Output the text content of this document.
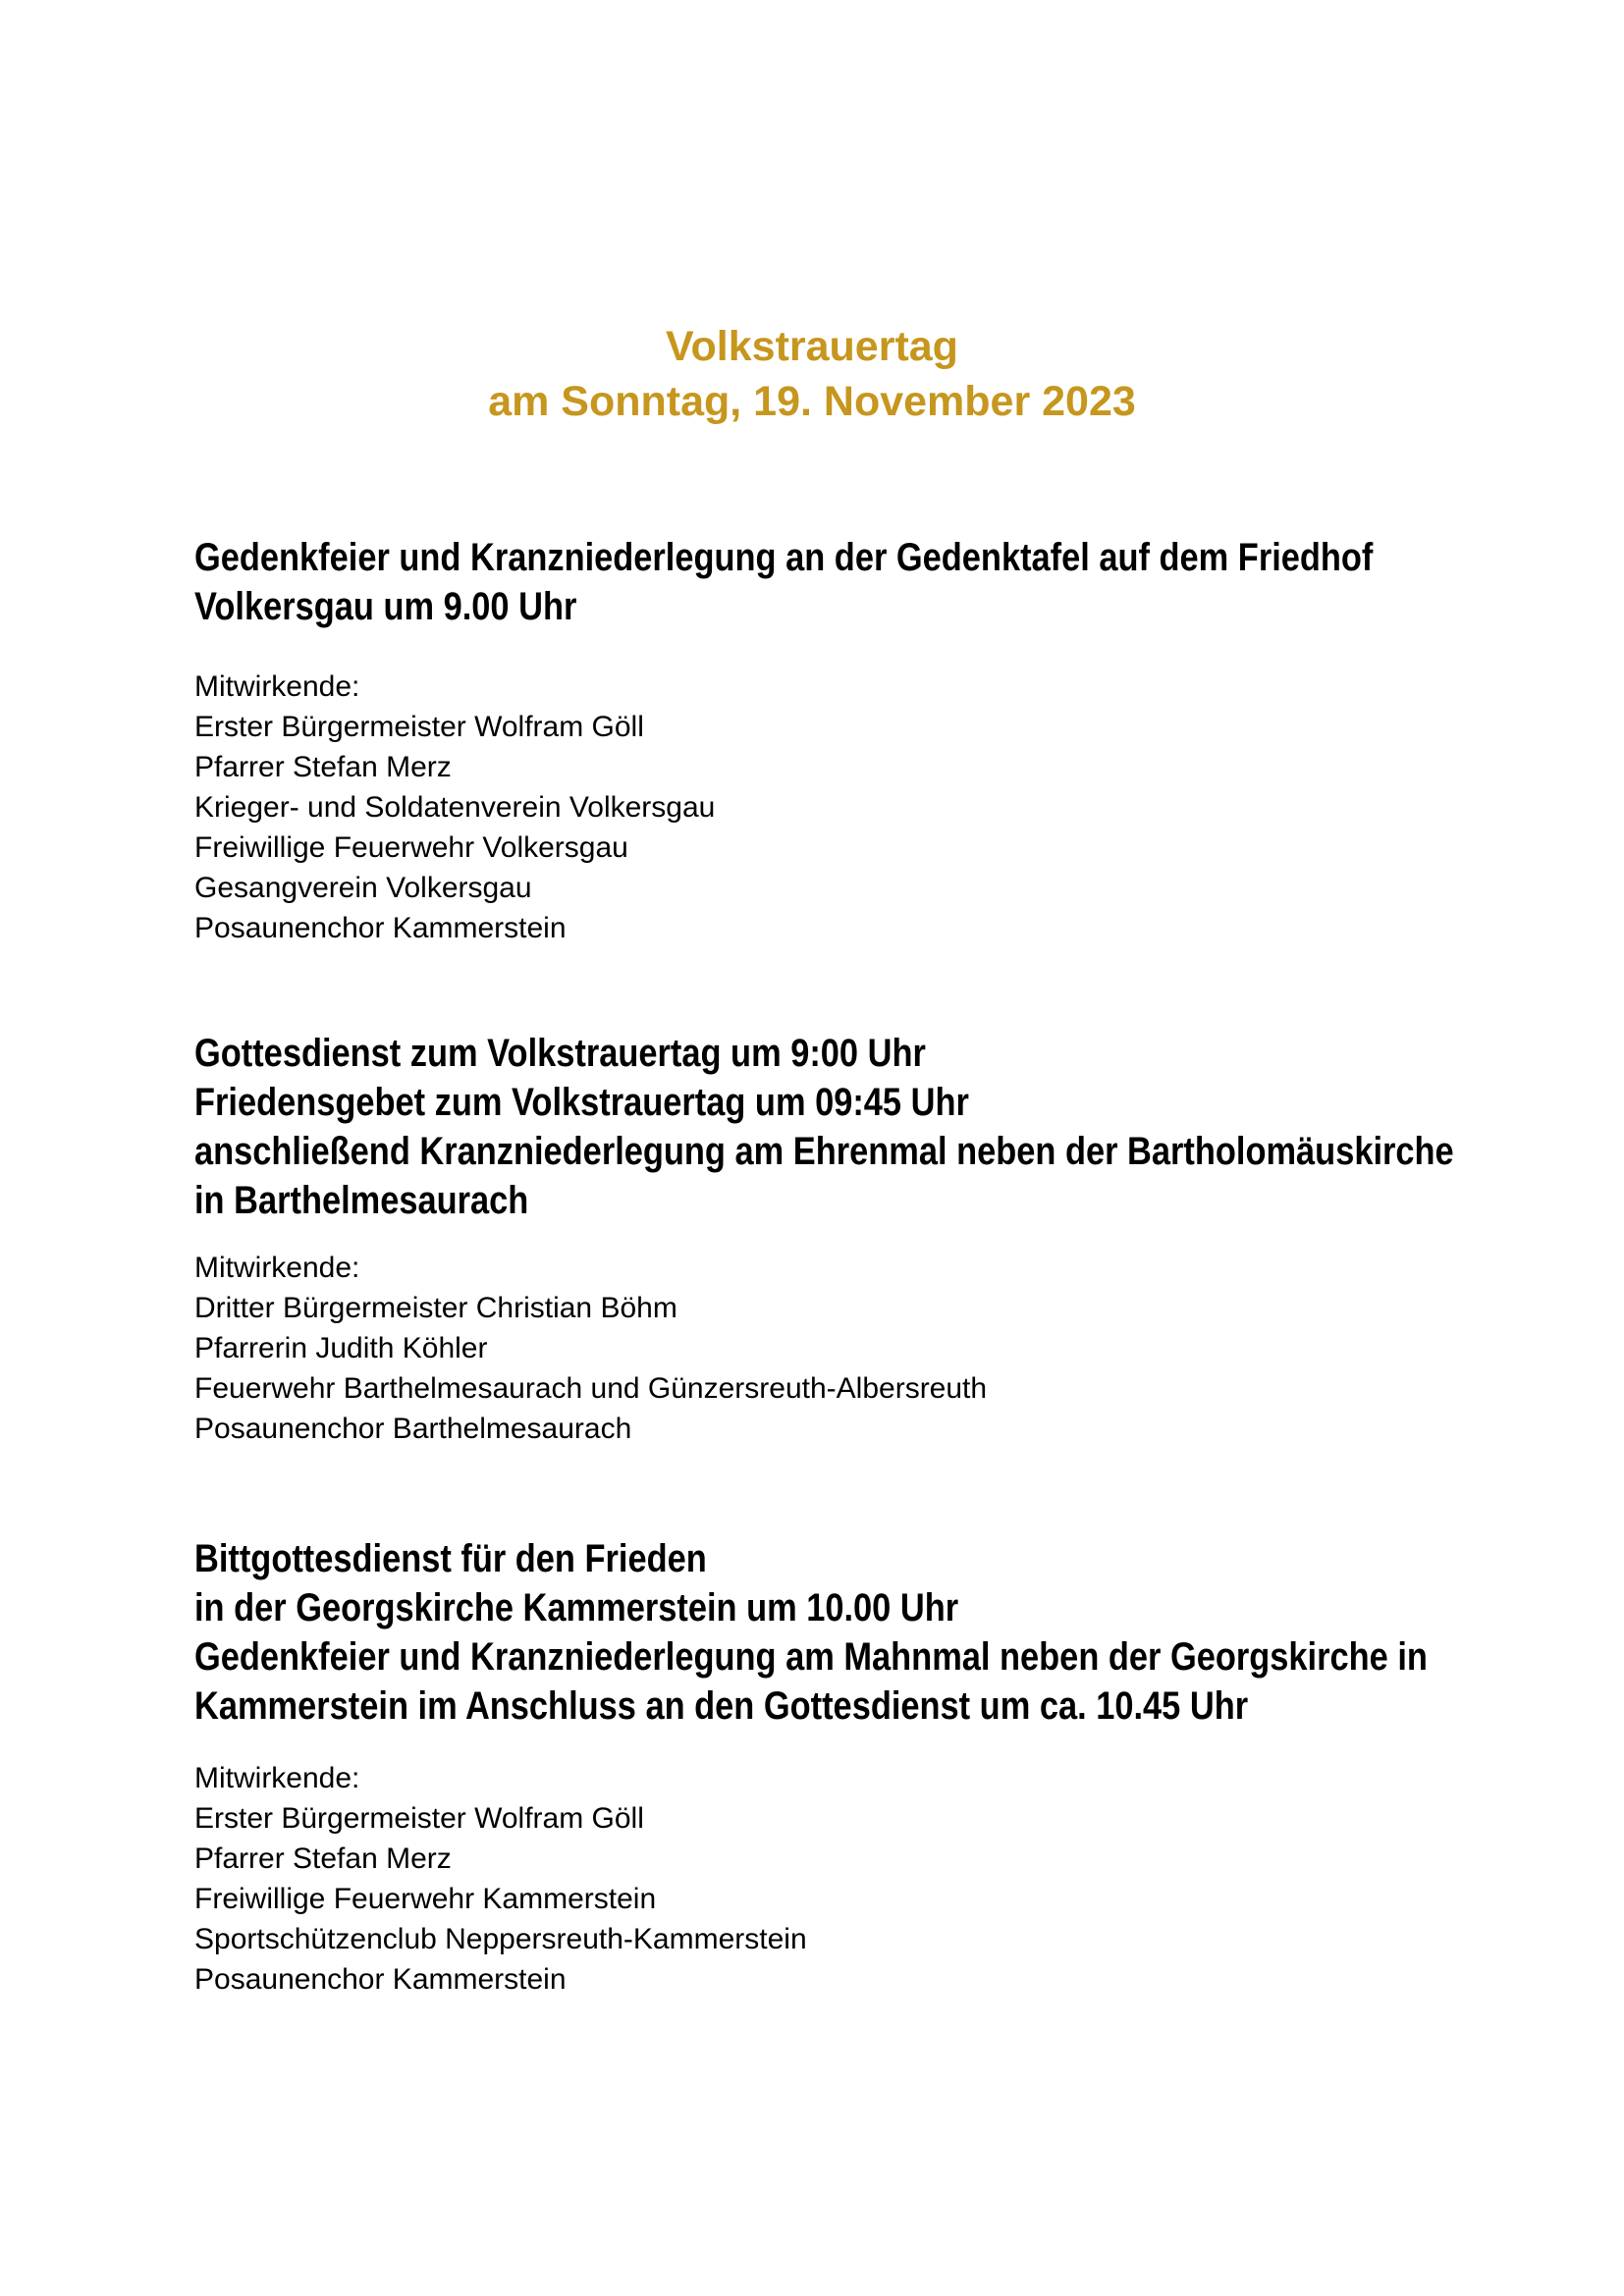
Volkstrauertag
am Sonntag, 19. November 2023
Gedenkfeier und Kranzniederlegung an der Gedenktafel auf dem Friedhof
Volkersgau um 9.00 Uhr
Mitwirkende:
Erster Bürgermeister Wolfram Göll
Pfarrer Stefan Merz
Krieger- und Soldatenverein Volkersgau
Freiwillige Feuerwehr Volkersgau
Gesangverein Volkersgau
Posaunenchor Kammerstein
Gottesdienst zum Volkstrauertag um 9:00 Uhr
Friedensgebet zum Volkstrauertag um 09:45 Uhr
anschließend Kranzniederlegung am Ehrenmal neben der Bartholomäuskirche
in Barthelmesaurach
Mitwirkende:
Dritter Bürgermeister Christian Böhm
Pfarrerin Judith Köhler
Feuerwehr Barthelmesaurach und Günzersreuth-Albersreuth
Posaunenchor Barthelmesaurach
Bittgottesdienst für den Frieden
in der Georgskirche Kammerstein um 10.00 Uhr
Gedenkfeier und Kranzniederlegung am Mahnmal neben der Georgskirche in
Kammerstein im Anschluss an den Gottesdienst um ca. 10.45 Uhr
Mitwirkende:
Erster Bürgermeister Wolfram Göll
Pfarrer Stefan Merz
Freiwillige Feuerwehr Kammerstein
Sportschützenclub Neppersreuth-Kammerstein
Posaunenchor Kammerstein
